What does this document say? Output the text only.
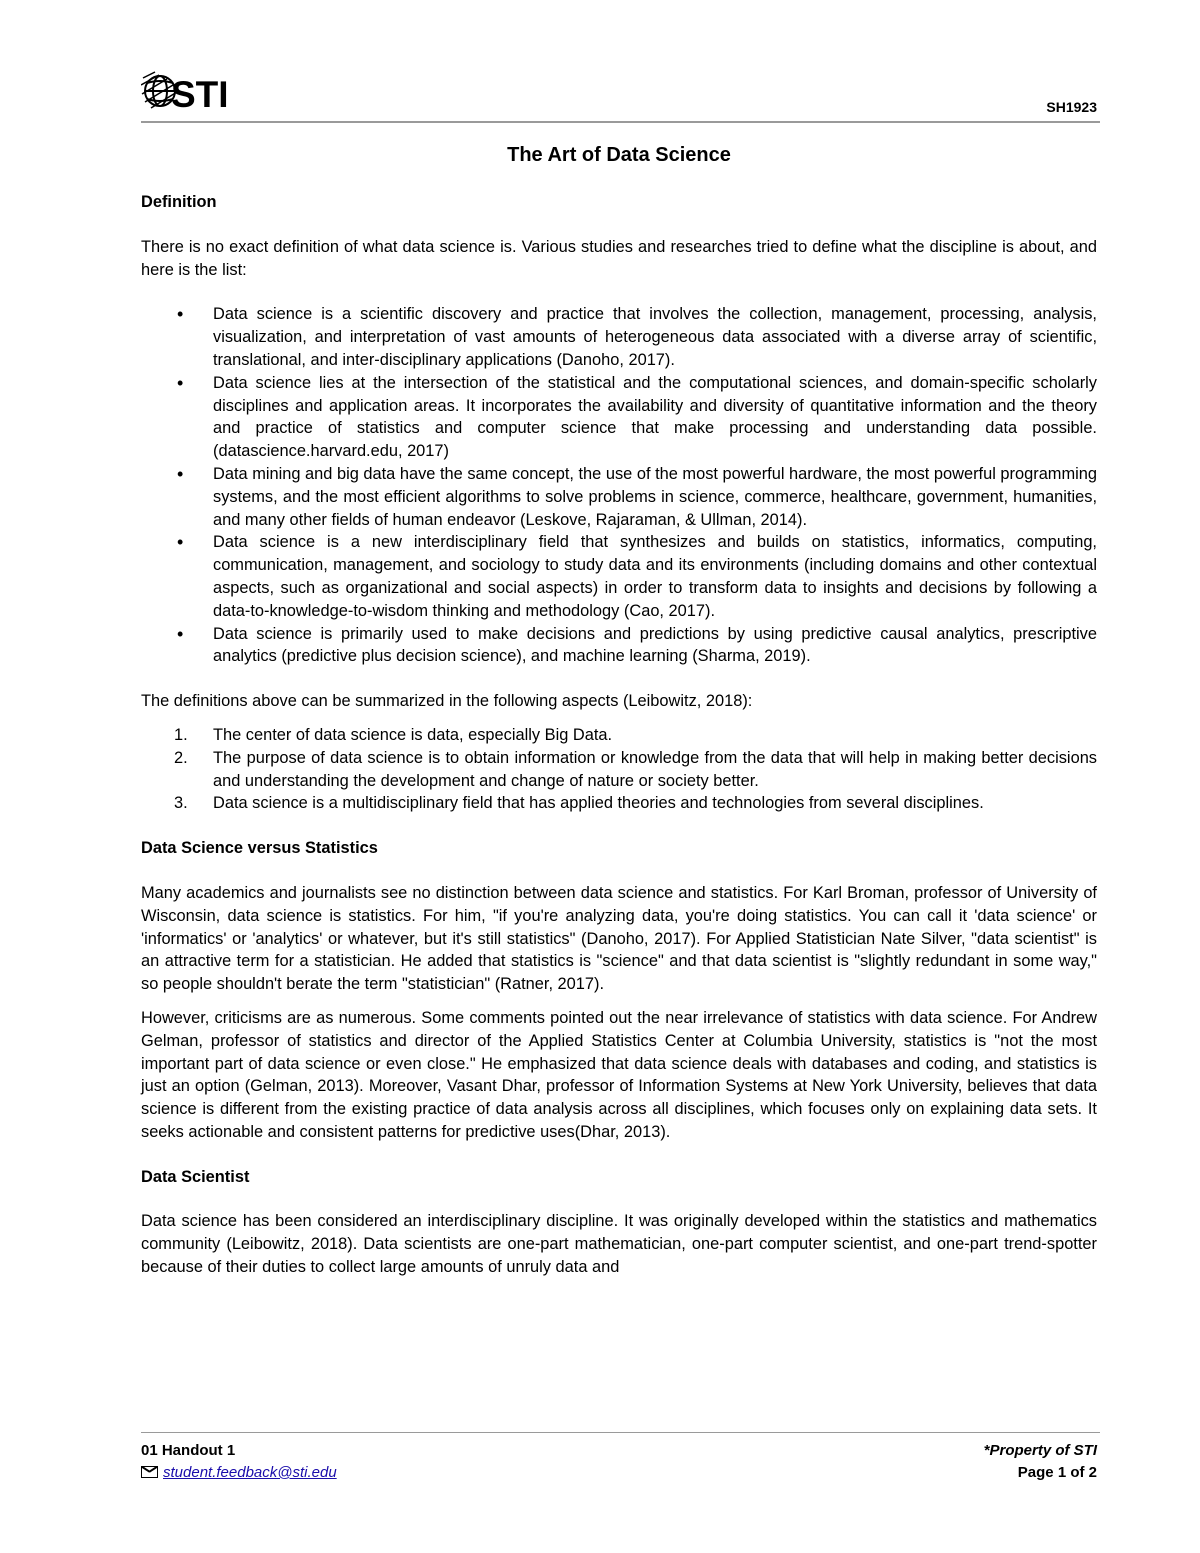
STI	SH1923
The Art of Data Science
Definition

There is no exact definition of what data science is. Various studies and researches tried to define what the discipline is about, and here is the list:

• Data science is a scientific discovery and practice that involves the collection, management, processing, analysis, visualization, and interpretation of vast amounts of heterogeneous data associated with a diverse array of scientific, translational, and inter-disciplinary applications (Danoho, 2017).
• Data science lies at the intersection of the statistical and the computational sciences, and domain-specific scholarly disciplines and application areas. It incorporates the availability and diversity of quantitative information and the theory and practice of statistics and computer science that make processing and understanding data possible. (datascience.harvard.edu, 2017)
• Data mining and big data have the same concept, the use of the most powerful hardware, the most powerful programming systems, and the most efficient algorithms to solve problems in science, commerce, healthcare, government, humanities, and many other fields of human endeavor (Leskove, Rajaraman, & Ullman, 2014).
• Data science is a new interdisciplinary field that synthesizes and builds on statistics, informatics, computing, communication, management, and sociology to study data and its environments (including domains and other contextual aspects, such as organizational and social aspects) in order to transform data to insights and decisions by following a data-to-knowledge-to-wisdom thinking and methodology (Cao, 2017).
• Data science is primarily used to make decisions and predictions by using predictive causal analytics, prescriptive analytics (predictive plus decision science), and machine learning (Sharma, 2019).

The definitions above can be summarized in the following aspects (Leibowitz, 2018):

1. The center of data science is data, especially Big Data.
2. The purpose of data science is to obtain information or knowledge from the data that will help in making better decisions and understanding the development and change of nature or society better.
3. Data science is a multidisciplinary field that has applied theories and technologies from several disciplines.
Data Science versus Statistics

Many academics and journalists see no distinction between data science and statistics. For Karl Broman, professor of University of Wisconsin, data science is statistics. For him, "if you're analyzing data, you're doing statistics. You can call it 'data science' or 'informatics' or 'analytics' or whatever, but it's still statistics" (Danoho, 2017). For Applied Statistician Nate Silver, "data scientist" is an attractive term for a statistician. He added that statistics is "science" and that data scientist is "slightly redundant in some way," so people shouldn't berate the term "statistician" (Ratner, 2017).

However, criticisms are as numerous. Some comments pointed out the near irrelevance of statistics with data science. For Andrew Gelman, professor of statistics and director of the Applied Statistics Center at Columbia University, statistics is "not the most important part of data science or even close." He emphasized that data science deals with databases and coding, and statistics is just an option (Gelman, 2013). Moreover, Vasant Dhar, professor of Information Systems at New York University, believes that data science is different from the existing practice of data analysis across all disciplines, which focuses only on explaining data sets. It seeks actionable and consistent patterns for predictive uses(Dhar, 2013).

Data Scientist

Data science has been considered an interdisciplinary discipline. It was originally developed within the statistics and mathematics community (Leibowitz, 2018). Data scientists are one-part mathematician, one-part computer scientist, and one-part trend-spotter because of their duties to collect large amounts of unruly data and

01 Handout 1
student.feedback@sti.edu
*Property of STI
Page 1 of 2
